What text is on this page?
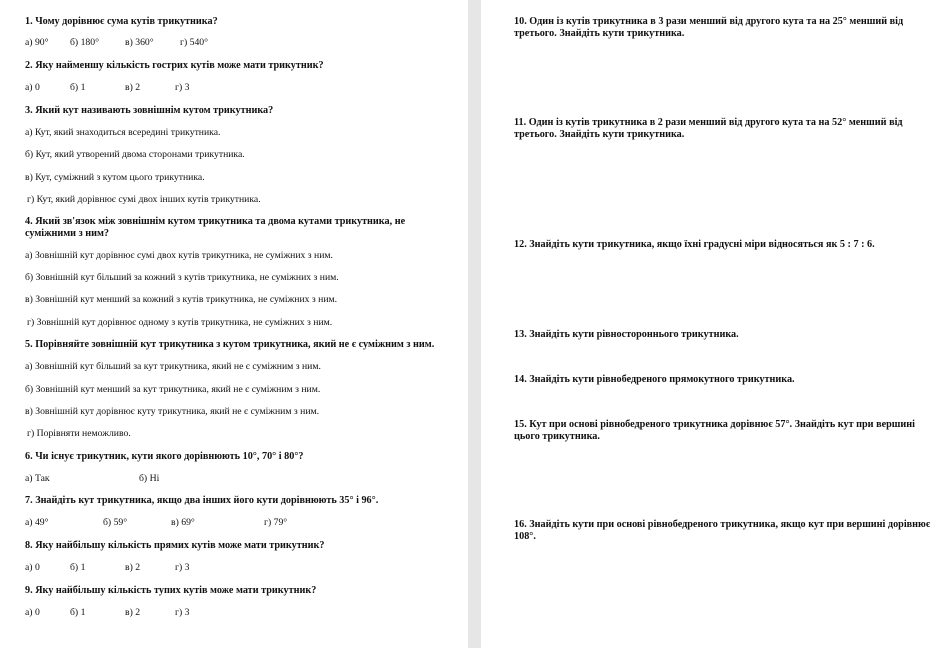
1. Чому дорівнює сума кутів трикутника?
а) 90° б) 180°	в) 360°	г) 540°
2. Яку найменшу кількість гострих кутів може мати трикутник?
а) 0	б) 1	в) 2	г) 3
3. Який кут називають зовнішнім кутом трикутника?
а) Кут, який знаходиться всередині трикутника.
б) Кут, який утворений двома сторонами трикутника.
в) Кут, суміжний з кутом цього трикутника.
г) Кут, який дорівнює сумі двох інших кутів трикутника.
4. Який зв'язок між зовнішнім кутом трикутника та двома кутами трикутника, не суміжними з ним?
а) Зовнішній кут дорівнює сумі двох кутів трикутника, не суміжних з ним.
б) Зовнішній кут більший за кожний з кутів трикутника, не суміжних з ним.
в) Зовнішній кут менший за кожний з кутів трикутника, не суміжних з ним.
г) Зовнішній кут дорівнює одному з кутів трикутника, не суміжних з ним.
5. Порівняйте зовнішній кут трикутника з кутом трикутника, який не є суміжним з ним.
а) Зовнішній кут більший за кут трикутника, який не є суміжним з ним.
б) Зовнішній кут менший за кут трикутника, який не є суміжним з ним.
в) Зовнішній кут дорівнює куту трикутника, який не є суміжним з ним.
г) Порівняти неможливо.
6. Чи існує трикутник, кути якого дорівнюють 10°, 70° і 80°?
а) Так	б) Ні
7. Знайдіть кут трикутника, якщо два інших його кути дорівнюють 35° і 96°.
а) 49°	б) 59°	в) 69°	г) 79°
8. Яку найбільшу кількість прямих кутів може мати трикутник?
а) 0	б) 1	в) 2	г) 3
9. Яку найбільшу кількість тупих кутів може мати трикутник?
а) 0	б) 1	в) 2	г) 3
10. Один із кутів трикутника в 3 рази менший від другого кута та на 25° менший від третього. Знайдіть кути трикутника.
11. Один із кутів трикутника в 2 рази менший від другого кута та на 52° менший від третього. Знайдіть кути трикутника.
12. Знайдіть кути трикутника, якщо їхні градусні міри відносяться як 5 : 7 : 6.
13. Знайдіть кути рівностороннього трикутника.
14. Знайдіть кути рівнобедреного прямокутного трикутника.
15. Кут при основі рівнобедреного трикутника дорівнює 57°. Знайдіть кут при вершині цього трикутника.
16. Знайдіть кути при основі рівнобедреного трикутника, якщо кут при вершині дорівнює 108°.
